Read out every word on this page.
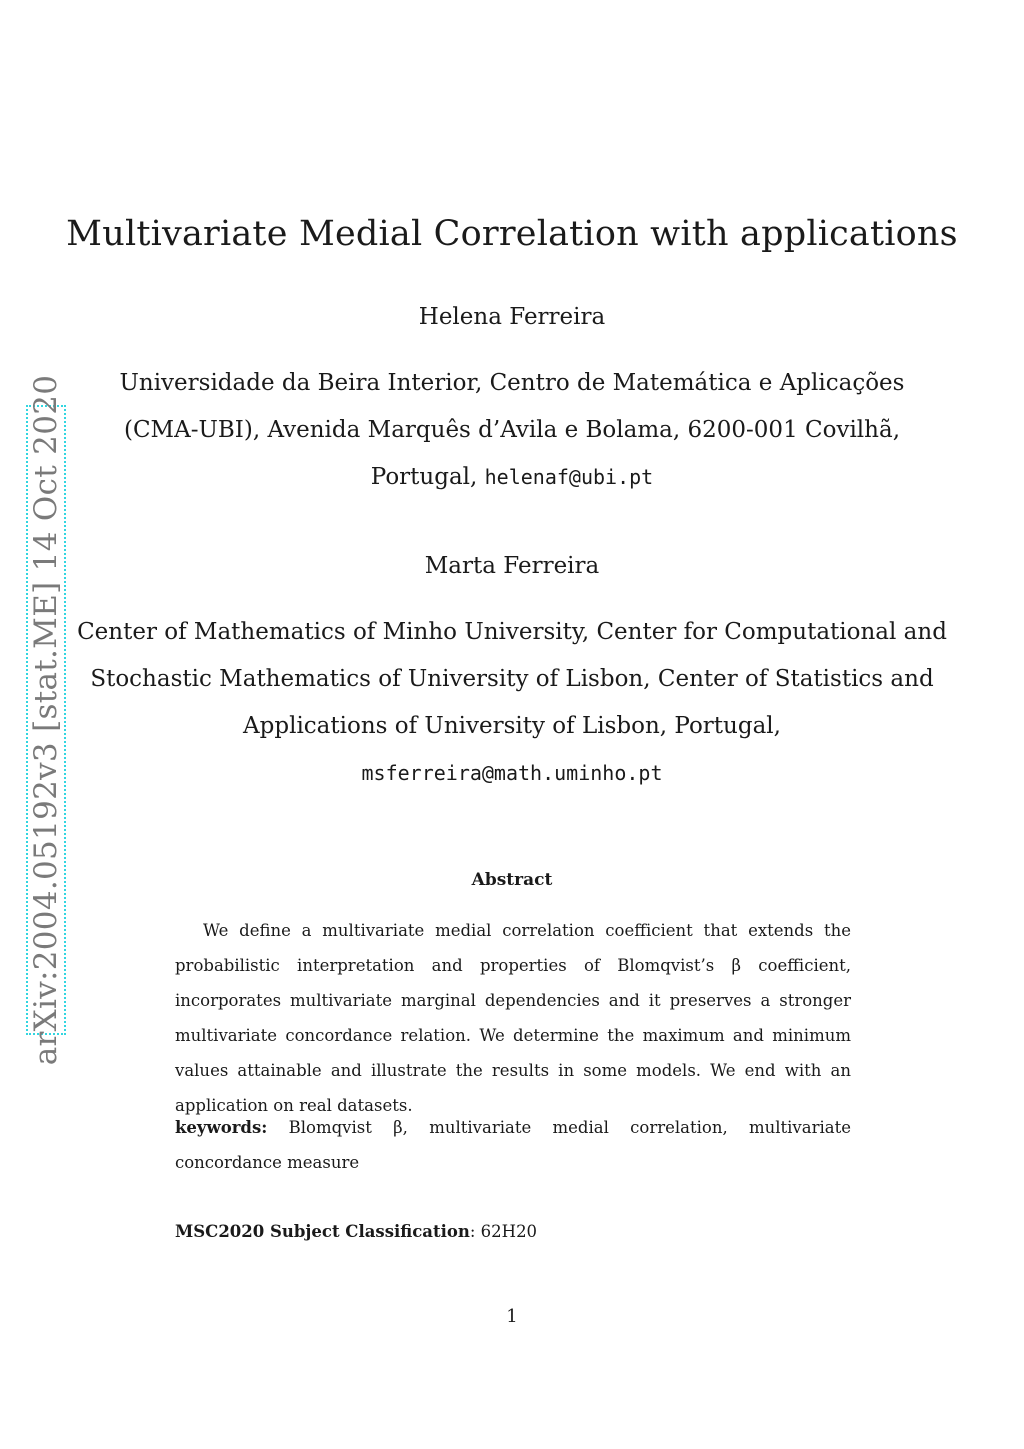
arXiv:2004.05192v3 [stat.ME] 14 Oct 2020
Multivariate Medial Correlation with applications
Helena Ferreira
Universidade da Beira Interior, Centro de Matemática e Aplicações
(CMA-UBI), Avenida Marquês d’Avila e Bolama, 6200-001 Covilhã,
Portugal, helenaf@ubi.pt
Marta Ferreira
Center of Mathematics of Minho University, Center for Computational and
Stochastic Mathematics of University of Lisbon, Center of Statistics and
Applications of University of Lisbon, Portugal,
msferreira@math.uminho.pt
Abstract
We define a multivariate medial correlation coefficient that extends the probabilistic interpretation and properties of Blomqvist’s β coefficient, incorporates multivariate marginal dependencies and it preserves a stronger multivariate concordance relation. We determine the maximum and minimum values attainable and illustrate the results in some models. We end with an application on real datasets.
keywords: Blomqvist β, multivariate medial correlation, multivariate concordance measure
MSC2020 Subject Classification: 62H20
1
